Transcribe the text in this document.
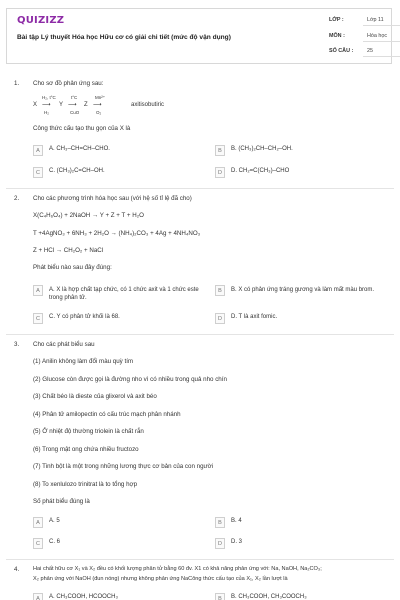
QUIZIZZ
Bài tập Lý thuyết Hóa học Hữu cơ có giải chi tiết (mức độ vận dụng)
LỚP :	Lớp 11
MÔN :	Hóa học
SỐ CÂU :	25
1. Cho sơ đồ phản ứng sau:
X
H₂, t°C
⟶
H₂
Y
t°C
⟶
CuO
Z
Mn²⁺
⟶
O₂
axitisobutiric
Công thức cấu tạo thu gọn của X là
A	A. CH₃–CH=CH–CHO.	B	B. (CH₃)₂CH–CH₂–OH.
C	C. (CH₃)₂C=CH–OH.	D	D. CH₂=C(CH₃)–CHO
2. Cho các phương trình hóa học sau (với hệ số tỉ lệ đã cho)
X(C₄H₆O₄) + 2NaOH → Y + Z + T + H₂O
T +4AgNO₃ + 6NH₃ + 2H₂O → (NH₄)₂CO₃ + 4Ag + 4NH₄NO₃
Z + HCl → CH₂O₂ + NaCl
Phát biểu nào sau đây đúng:
A	A. X là hợp chất tạp chức, có 1 chức axit và 1 chức este trong phân tử.
B	B. X có phản ứng tráng gương và làm mất màu brom.
C	C. Y có phân tử khối là 68.	D	D. T là axit fomic.
3. Cho các phát biểu sau
(1) Anilin không làm đổi màu quỳ tím
(2) Glucose còn được gọi là đường nho vì có nhiều trong quả nho chín
(3) Chất béo là dieste của glixerol và axit béo
(4) Phân tử amilopectin có cấu trúc mạch phân nhánh
(5) Ở nhiệt độ thường triolein là chất rắn
(6) Trong mật ong chứa nhiều fructozo
(7) Tinh bột là một trong những lương thực cơ bản của con người
(8) To xenlulozo trinitrat là to tổng hợp
Số phát biểu đúng là
A	A. 5	B	B. 4
C	C. 6	D	D. 3
4. Hai chất hữu cơ X₁ và X₂ đều có khối lượng phân tử bằng 60 đv. X1 có khả năng phản ứng với: Na, NaOH, Na₂CO₃;
X₂ phản ứng với NaOH (đun nóng) nhưng không phản ứng NaCông thức cấu tạo của X₁, X₂ lần lượt là
A	A. CH₃COOH, HCOOCH₃	B	B. CH₃COOH, CH₃COOCH₃
